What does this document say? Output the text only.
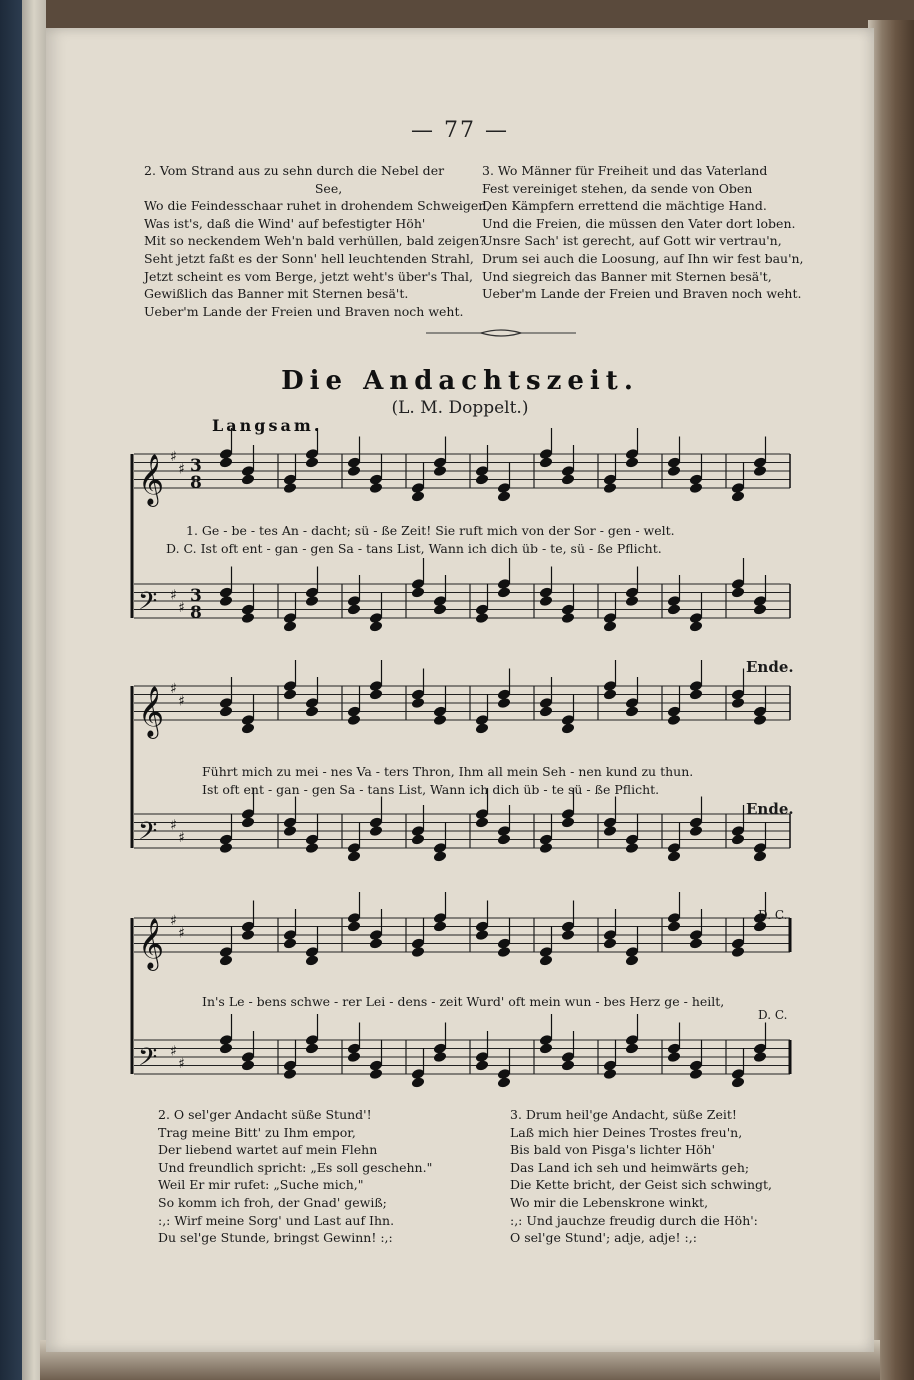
— 77 —
2. Vom Strand aus zu sehn durch die Nebel der
See,
Wo die Feindesschaar ruhet in drohendem Schweigen,
Was ist's, daß die Wind' auf befestigter Höh'
Mit so neckendem Weh'n bald verhüllen, bald zeigen?
Seht jetzt faßt es der Sonn' hell leuchtenden Strahl,
Jetzt scheint es vom Berge, jetzt weht's über's Thal,
Gewißlich das Banner mit Sternen besä't.
Ueber'm Lande der Freien und Braven noch weht.
3. Wo Männer für Freiheit und das Vaterland
Fest vereiniget stehen, da sende von Oben
Den Kämpfern errettend die mächtige Hand.
Und die Freien, die müssen den Vater dort loben.
Unsre Sach' ist gerecht, auf Gott wir vertrau'n,
Drum sei auch die Loosung, auf Ihn wir fest bau'n,
Und siegreich das Banner mit Sternen besä't,
Ueber'm Lande der Freien und Braven noch weht.
Die Andachtszeit.
(L. M. Doppelt.)
Langsam.
𝄞 ♯
♯ 3
8
𝄢 ♯
♯
3
8
𝄞 ♯
♯
𝄢 ♯
♯
𝄞 ♯
♯
𝄢 ♯
♯
1. Ge - be - tes An - dacht; sü - ße Zeit! Sie ruft mich von der Sor - gen - welt.
D. C. Ist oft ent - gan - gen Sa - tans List, Wann ich dich üb - te, sü - ße Pflicht.
Ende.
Führt mich zu mei - nes Va - ters Thron, Ihm all mein Seh - nen kund zu thun.
Ist oft ent - gan - gen Sa - tans List, Wann ich dich üb - te sü - ße Pflicht.
Ende.
D. C.
In's Le - bens schwe - rer Lei - dens - zeit Wurd' oft mein wun - bes Herz ge - heilt,
D. C.
2. O sel'ger Andacht süße Stund'!
Trag meine Bitt' zu Ihm empor,
Der liebend wartet auf mein Flehn
Und freundlich spricht: „Es soll geschehn."
Weil Er mir rufet: „Suche mich,"
So komm ich froh, der Gnad' gewiß;
:,: Wirf meine Sorg' und Last auf Ihn.
Du sel'ge Stunde, bringst Gewinn! :,:
3. Drum heil'ge Andacht, süße Zeit!
Laß mich hier Deines Trostes freu'n,
Bis bald von Pisga's lichter Höh'
Das Land ich seh und heimwärts geh;
Die Kette bricht, der Geist sich schwingt,
Wo mir die Lebenskrone winkt,
:,: Und jauchze freudig durch die Höh':
O sel'ge Stund'; adje, adje! :,:
